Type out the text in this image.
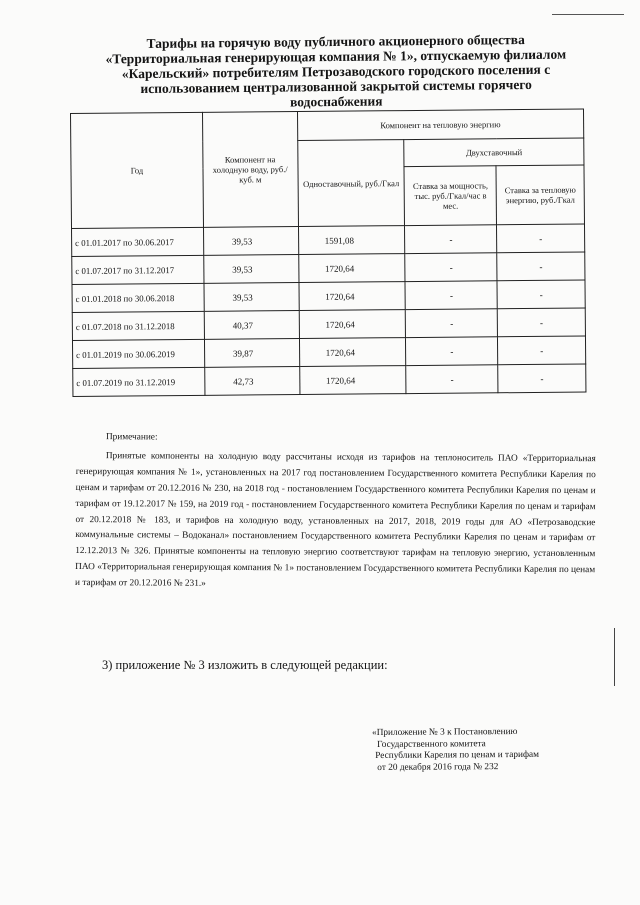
Тарифы на горячую воду публичного акционерного общества «Территориальная генерирующая компания № 1», отпускаемую филиалом «Карельский» потребителям Петрозаводского городского поселения с использованием централизованной закрытой системы горячего водоснабжения
Год	Компонент на холодную воду, руб./куб. м	Компонент на тепловую энергию		
		Одноставочный, руб./Гкал	Двухставочный	
			Ставка за мощность, тыс. руб./Гкал/час в мес.	Ставка за тепловую энергию, руб./Гкал
с 01.01.2017 по 30.06.2017	39,53	1591,08	-	-
с 01.07.2017 по 31.12.2017	39,53	1720,64	-	-
с 01.01.2018 по 30.06.2018	39,53	1720,64	-	-
с 01.07.2018 по 31.12.2018	40,37	1720,64	-	-
с 01.01.2019 по 30.06.2019	39,87	1720,64	-	-
с 01.07.2019 по 31.12.2019	42,73	1720,64	-	-
Примечание:

Принятые компоненты на холодную воду рассчитаны исходя из тарифов на теплоноситель ПАО «Территориальная генерирующая компания № 1», установленных на 2017 год постановлением Государственного комитета Республики Карелия по ценам и тарифам от 20.12.2016 № 230, на 2018 год - постановлением Государственного комитета Республики Карелия по ценам и тарифам от 19.12.2017 № 159, на 2019 год - постановлением Государственного комитета Республики Карелия по ценам и тарифам от 20.12.2018 № 183, и тарифов на холодную воду, установленных на 2017, 2018, 2019 годы для АО «Петрозаводские коммунальные системы – Водоканал» постановлением Государственного комитета Республики Карелия по ценам и тарифам от 12.12.2013 № 326. Принятые компоненты на тепловую энергию соответствуют тарифам на тепловую энергию, установленным ПАО «Территориальная генерирующая компания № 1» постановлением Государственного комитета Республики Карелия по ценам и тарифам от 20.12.2016 № 231.»

3) приложение № 3 изложить в следующей редакции:
«Приложение № 3 к Постановлению
Государственного комитета
Республики Карелия по ценам и тарифам
от 20 декабря 2016 года № 232
